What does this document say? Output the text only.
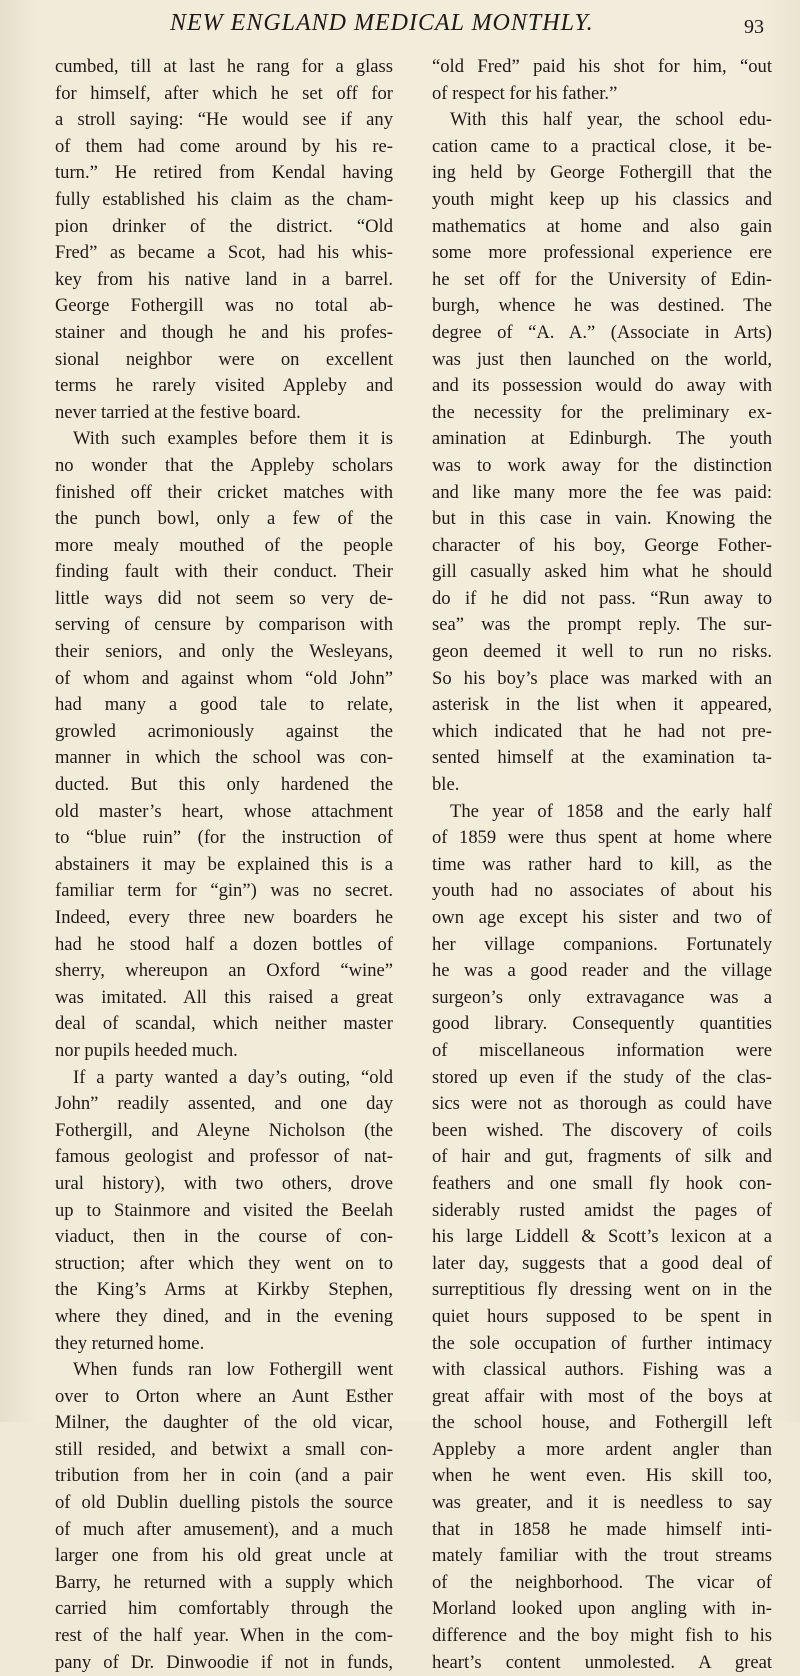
NEW ENGLAND MEDICAL MONTHLY.	93
cumbed, till at last he rang for a glass
for himself, after which he set off for
a stroll saying: “He would see if any
of them had come around by his re-
turn.” He retired from Kendal having
fully established his claim as the cham-
pion drinker of the district. “Old
Fred” as became a Scot, had his whis-
key from his native land in a barrel.
George Fothergill was no total ab-
stainer and though he and his profes-
sional neighbor were on excellent
terms he rarely visited Appleby and
never tarried at the festive board.
With such examples before them it is
no wonder that the Appleby scholars
finished off their cricket matches with
the punch bowl, only a few of the
more mealy mouthed of the people
finding fault with their conduct. Their
little ways did not seem so very de-
serving of censure by comparison with
their seniors, and only the Wesleyans,
of whom and against whom “old John”
had many a good tale to relate,
growled acrimoniously against the
manner in which the school was con-
ducted. But this only hardened the
old master’s heart, whose attachment
to “blue ruin” (for the instruction of
abstainers it may be explained this is a
familiar term for “gin”) was no secret.
Indeed, every three new boarders he
had he stood half a dozen bottles of
sherry, whereupon an Oxford “wine”
was imitated. All this raised a great
deal of scandal, which neither master
nor pupils heeded much.
If a party wanted a day’s outing, “old
John” readily assented, and one day
Fothergill, and Aleyne Nicholson (the
famous geologist and professor of nat-
ural history), with two others, drove
up to Stainmore and visited the Beelah
viaduct, then in the course of con-
struction; after which they went on to
the King’s Arms at Kirkby Stephen,
where they dined, and in the evening
they returned home.
When funds ran low Fothergill went
over to Orton where an Aunt Esther
Milner, the daughter of the old vicar,
still resided, and betwixt a small con-
tribution from her in coin (and a pair
of old Dublin duelling pistols the source
of much after amusement), and a much
larger one from his old great uncle at
Barry, he returned with a supply which
carried him comfortably through the
rest of the half year. When in the com-
pany of Dr. Dinwoodie if not in funds,
“old Fred” paid his shot for him, “out
of respect for his father.”
With this half year, the school edu-
cation came to a practical close, it be-
ing held by George Fothergill that the
youth might keep up his classics and
mathematics at home and also gain
some more professional experience ere
he set off for the University of Edin-
burgh, whence he was destined. The
degree of “A. A.” (Associate in Arts)
was just then launched on the world,
and its possession would do away with
the necessity for the preliminary ex-
amination at Edinburgh. The youth
was to work away for the distinction
and like many more the fee was paid:
but in this case in vain. Knowing the
character of his boy, George Fother-
gill casually asked him what he should
do if he did not pass. “Run away to
sea” was the prompt reply. The sur-
geon deemed it well to run no risks.
So his boy’s place was marked with an
asterisk in the list when it appeared,
which indicated that he had not pre-
sented himself at the examination ta-
ble.
The year of 1858 and the early half
of 1859 were thus spent at home where
time was rather hard to kill, as the
youth had no associates of about his
own age except his sister and two of
her village companions. Fortunately
he was a good reader and the village
surgeon’s only extravagance was a
good library. Consequently quantities
of miscellaneous information were
stored up even if the study of the clas-
sics were not as thorough as could have
been wished. The discovery of coils
of hair and gut, fragments of silk and
feathers and one small fly hook con-
siderably rusted amidst the pages of
his large Liddell & Scott’s lexicon at a
later day, suggests that a good deal of
surreptitious fly dressing went on in the
quiet hours supposed to be spent in
the sole occupation of further intimacy
with classical authors. Fishing was a
great affair with most of the boys at
the school house, and Fothergill left
Appleby a more ardent angler than
when he went even. His skill too,
was greater, and it is needless to say
that in 1858 he made himself inti-
mately familiar with the trout streams
of the neighborhood. The vicar of
Morland looked upon angling with in-
difference and the boy might fish to his
heart’s content unmolested. A great
